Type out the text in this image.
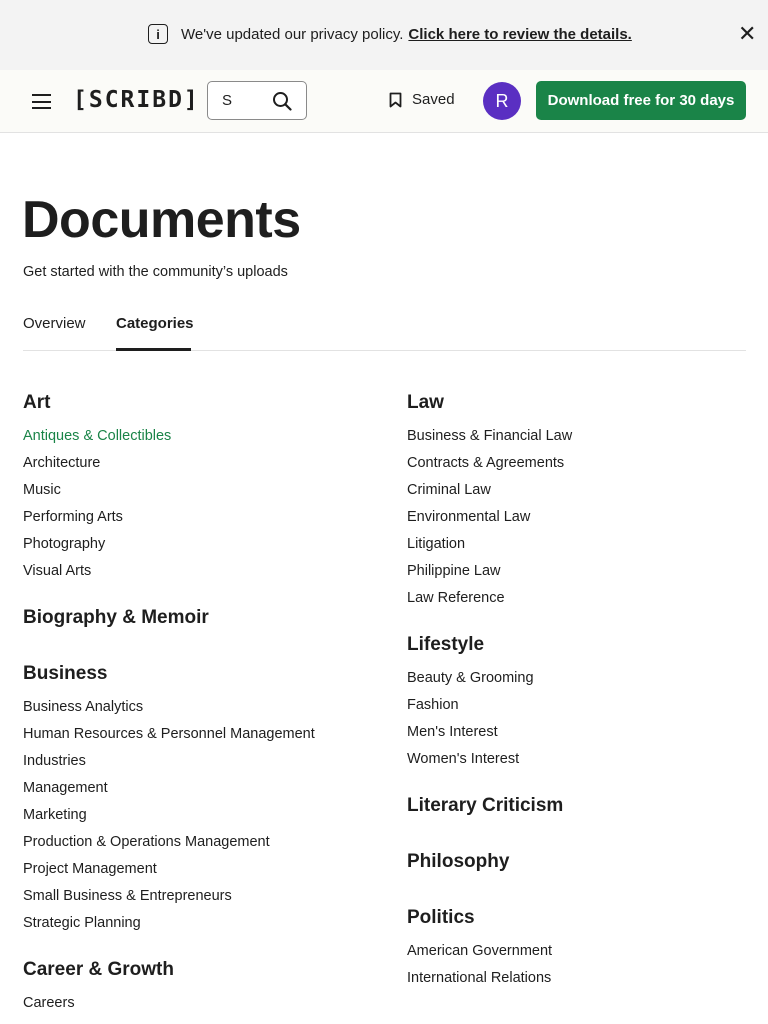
i	We've updated our privacy policy. Click here to review the details.	✕
[SCRIBD]
S	Saved	R	Download free for 30 days
Documents

Get started with the community’s uploads

Overview Categories
Art
Antiques & Collectibles
Architecture
Music
Performing Arts
Photography
Visual Arts
Biography & Memoir
Business
Business Analytics
Human Resources & Personnel Management
Industries
Management
Marketing
Production & Operations Management
Project Management
Small Business & Entrepreneurs
Strategic Planning
Career & Growth
Careers
Law
Business & Financial Law
Contracts & Agreements
Criminal Law
Environmental Law
Litigation
Philippine Law
Law Reference
Lifestyle
Beauty & Grooming
Fashion
Men's Interest
Women's Interest
Literary Criticism
Philosophy
Politics
American Government
International Relations
